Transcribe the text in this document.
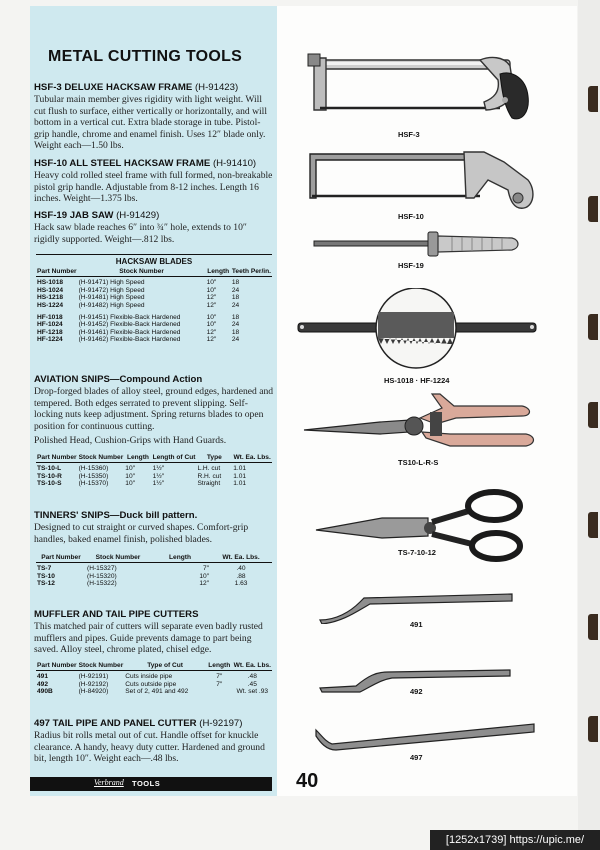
METAL CUTTING TOOLS
HSF-3 DELUXE HACKSAW FRAME (H-91423)

Tubular main member gives rigidity with light weight. Will cut flush to surface, either vertically or horizontally, and will bottom in a vertical cut. Extra blade storage in tube. Pistol-grip handle, chrome and enamel finish. Uses 12″ blade only. Weight each—1.50 lbs.

HSF-10 ALL STEEL HACKSAW FRAME (H-91410)

Heavy cold rolled steel frame with full formed, non-breakable pistol grip handle. Adjustable from 8-12 inches. Length 16 inches. Weight—1.375 lbs.

HSF-19 JAB SAW (H-91429)

Hack saw blade reaches 6″ into ¾″ hole, extends to 10″ rigidly supported. Weight—.812 lbs.

HACKSAW BLADES
Part Number	Stock Number	Length	Teeth Per/in.
HS-1018	(H-91471) High Speed	10″	18
HS-1024	(H-91472) High Speed	10″	24
HS-1218	(H-91481) High Speed	12″	18
HS-1224	(H-91482) High Speed	12″	24
HF-1018	(H-91451) Flexible-Back Hardened	10″	18
HF-1024	(H-91452) Flexible-Back Hardened	10″	24
HF-1218	(H-91461) Flexible-Back Hardened	12″	18
HF-1224	(H-91462) Flexible-Back Hardened	12″	24
AVIATION SNIPS—Compound Action

Drop-forged blades of alloy steel, ground edges, hardened and tempered. Both edges serrated to prevent slipping. Self-locking nuts keep adjustment. Spring returns blades to open position for continuous cutting.

Polished Head, Cushion-Grips with Hand Guards.

Part Number	Stock Number	Length	Length of Cut	Type	Wt. Ea. Lbs.
TS-10-L	(H-15360)	10″	1½″	L.H. cut	1.01
TS-10-R	(H-15350)	10″	1½″	R.H. cut	1.01
TS-10-S	(H-15370)	10″	1½″	Straight	1.01
TINNERS' SNIPS—Duck bill pattern.

Designed to cut straight or curved shapes. Comfort-grip handles, baked enamel finish, polished blades.

Part Number	Stock Number	Length	Wt. Ea. Lbs.
TS-7	(H-15327)	7″	.40
TS-10	(H-15320)	10″	.88
TS-12	(H-15322)	12″	1.63
MUFFLER AND TAIL PIPE CUTTERS

This matched pair of cutters will separate even badly rusted mufflers and pipes. Guide prevents damage to part being saved. Alloy steel, chrome plated, chisel edge.

Part Number	Stock Number	Type of Cut	Length	Wt. Ea. Lbs.
491	(H-92191)	Cuts inside pipe	7″	.48
492	(H-92192)	Cuts outside pipe	7″	.45
490B	(H-84920)	Set of 2, 491 and 492		Wt. set .93
497 TAIL PIPE AND PANEL CUTTER (H-92197)

Radius bit rolls metal out of cut. Handle offset for knuckle clearance. A handy, heavy duty cutter. Hardened and ground bit, length 10″. Weight each—.48 lbs.

Verbrand TOOLS	40
HSF-3
HSF-10
HSF-19
HS-1018 · HF-1224
TS10-L-R-S
TS-7-10-12
491
492
497
[1252x1739] https://upic.me/
